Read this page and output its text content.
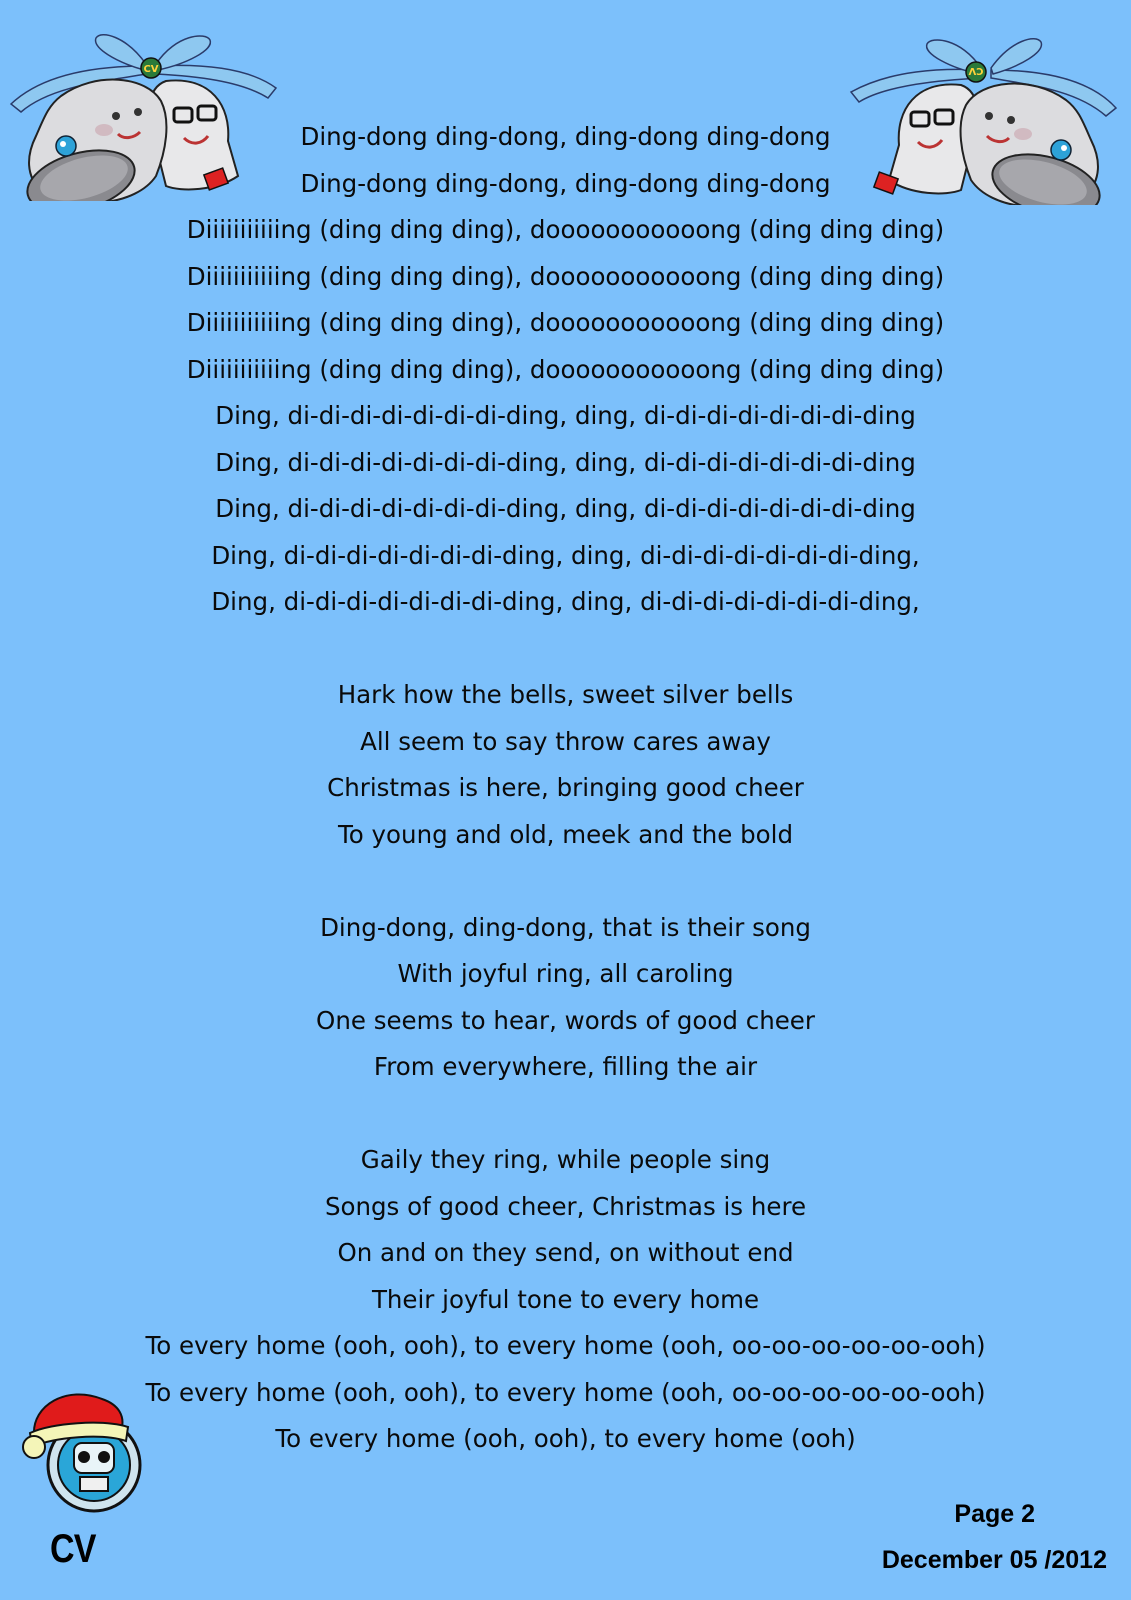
CV	CV
Ding-dong ding-dong, ding-dong ding-dong
Ding-dong ding-dong, ding-dong ding-dong
Diiiiiiiiiiing (ding ding ding), dooooooooooong (ding ding ding)
Diiiiiiiiiiing (ding ding ding), dooooooooooong (ding ding ding)
Diiiiiiiiiiing (ding ding ding), dooooooooooong (ding ding ding)
Diiiiiiiiiiing (ding ding ding), dooooooooooong (ding ding ding)
Ding, di-di-di-di-di-di-di-ding, ding, di-di-di-di-di-di-di-ding
Ding, di-di-di-di-di-di-di-ding, ding, di-di-di-di-di-di-di-ding
Ding, di-di-di-di-di-di-di-ding, ding, di-di-di-di-di-di-di-ding
Ding, di-di-di-di-di-di-di-ding, ding, di-di-di-di-di-di-di-ding,
Ding, di-di-di-di-di-di-di-ding, ding, di-di-di-di-di-di-di-ding,
Hark how the bells, sweet silver bells
All seem to say throw cares away
Christmas is here, bringing good cheer
To young and old, meek and the bold
Ding-dong, ding-dong, that is their song
With joyful ring, all caroling
One seems to hear, words of good cheer
From everywhere, filling the air
Gaily they ring, while people sing
Songs of good cheer, Christmas is here
On and on they send, on without end
Their joyful tone to every home
To every home (ooh, ooh), to every home (ooh, oo-oo-oo-oo-oo-ooh)
To every home (ooh, ooh), to every home (ooh, oo-oo-oo-oo-oo-ooh)
To every home (ooh, ooh), to every home (ooh)
CV
Page 2
December 05 /2012
